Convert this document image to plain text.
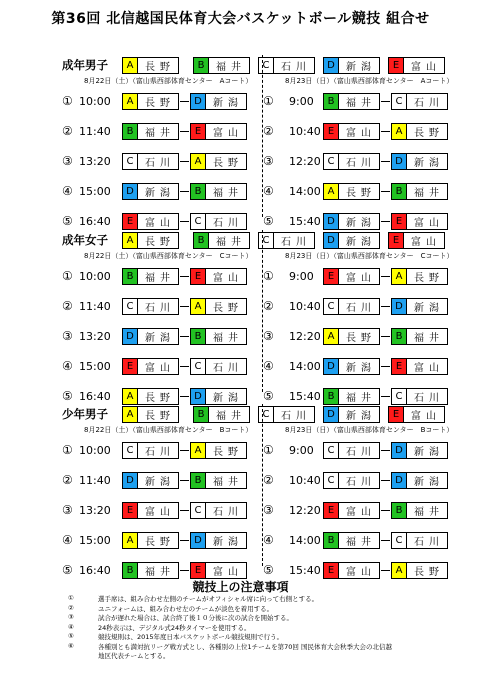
第36回 北信越国民体育大会バスケットボール競技 組合せ
成年男子	A	長野	B	福井	C	石川	D	新潟	E	富山
8月22日（土）（富山県西部体育センター　Aコート）	8月23日（日）（富山県西部体育センター　Aコート）
① 10:00	A	長野	D	新潟
② 11:40	B	福井	E	富山
③ 13:20	C	石川	A	長野
④ 15:00	D	新潟	B	福井
⑤ 16:40	E	富山	C	石川
① 9:00	B	福井	C	石川
② 10:40 E	富山	A	長野
③ 12:20 C	石川	D	新潟
④ 14:00 A	長野	B	福井
⑤ 15:40 D	新潟	E	富山
成年女子	A	長野	B	福井	C	石川	D	新潟	E	富山
8月22日（土）（富山県西部体育センター　Cコート）	8月23日（日）（富山県西部体育センター　Cコート）
① 10:00	B	福井	E	富山
② 11:40	C	石川	A	長野
③ 13:20	D	新潟	B	福井
④ 15:00	E	富山	C	石川
⑤ 16:40	A	長野	D	新潟
① 9:00	E	富山	A	長野
② 10:40 C	石川	D	新潟
③ 12:20 A	長野	B	福井
④ 14:00 D	新潟	E	富山
⑤ 15:40 B	福井	C	石川
少年男子	A	長野	B	福井	C	石川	D	新潟	E	富山
8月22日（土）（富山県西部体育センター　Bコート）	8月23日（日）（富山県西部体育センター　Bコート）
① 10:00	C	石川	A	長野
② 11:40	D	新潟	B	福井
③ 13:20	E	富山	C	石川
④ 15:00	A	長野	D	新潟
⑤ 16:40	B	福井	E	富山
① 9:00	C	石川	D	新潟
② 10:40 C	石川	D	新潟
③ 12:20 E	富山	B	福井
④ 14:00 B	福井	C	石川
⑤ 15:40 E	富山	A	長野
競技上の注意事項
①	選手席は、組み合わせ左側のチームがオフィシャル席に向って右側とする。
②	ユニフォームは、組み合わせ左のチームが淡色を着用する。
③	試合が遅れた場合は、試合終了後１０分後に次の試合を開始する。
④	24秒表示は、デジタル式24秒タイマーを使用する。
⑤	競技規則は、2015年度日本バスケットボール競技規則で行う。
⑥	各種別とも満対抗リーグ戦方式とし、各種別の上位1チームを第70回 国民体育大会秋季大会の北信越
地区代表チームとする。
